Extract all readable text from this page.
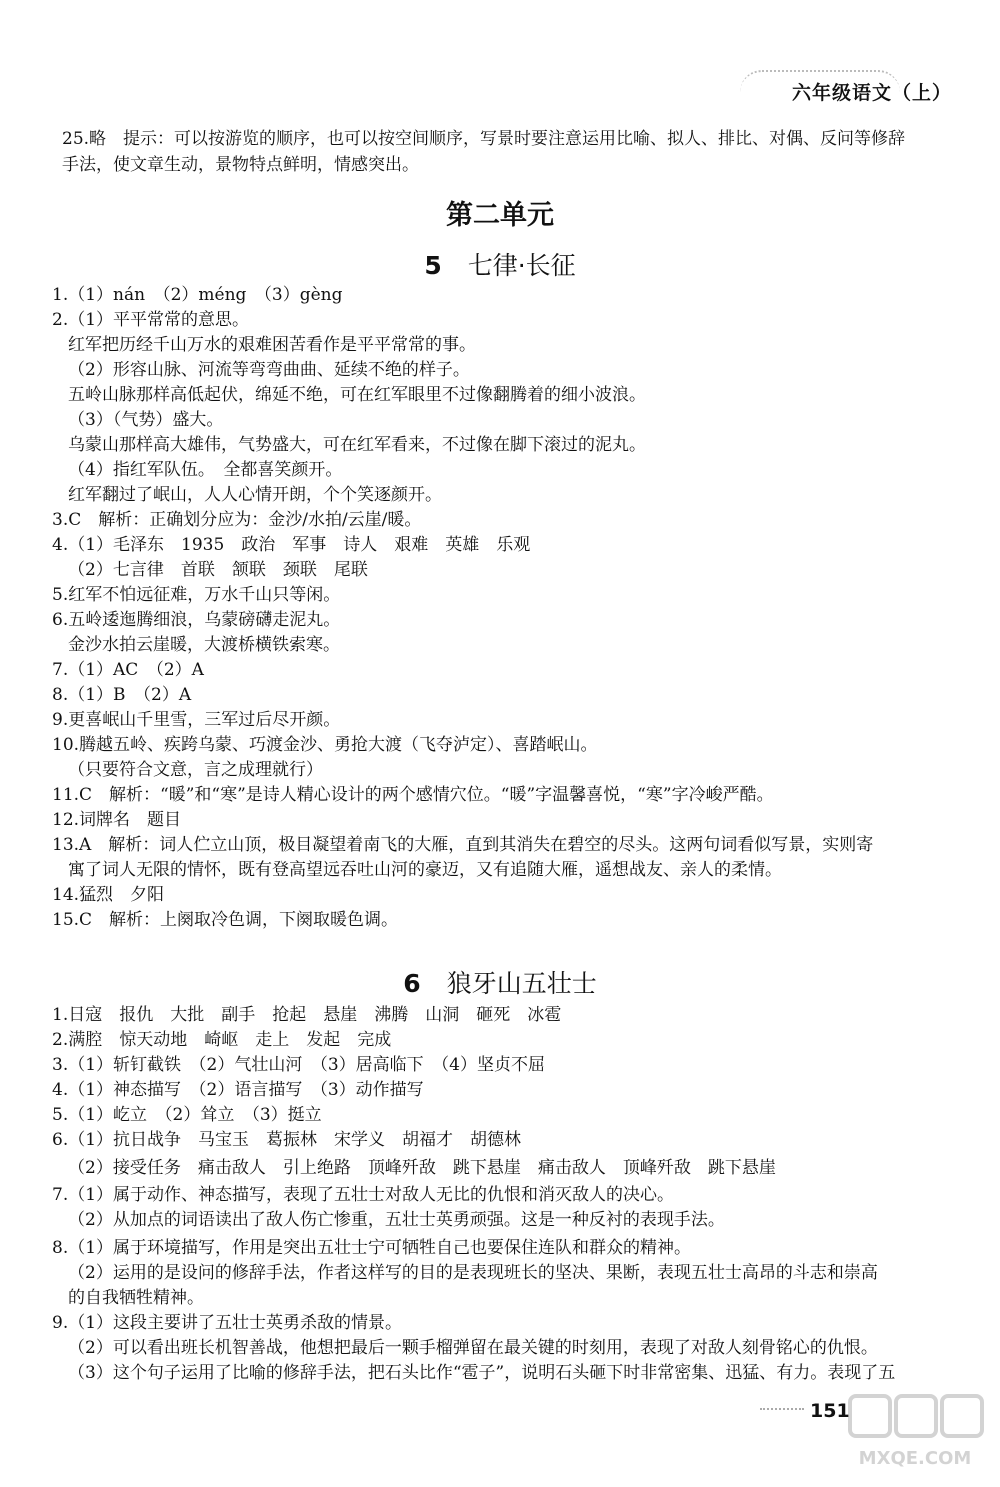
六年级语文（上）
25.略　提示：可以按游览的顺序，也可以按空间顺序，写景时要注意运用比喻、拟人、排比、对偶、反问等修辞
手法，使文章生动，景物特点鲜明，情感突出。
第二单元
5 七律·长征
1.（1）nán　（2）méng　（3）gèng
2.（1）平平常常的意思。
红军把历经千山万水的艰难困苦看作是平平常常的事。
（2）形容山脉、河流等弯弯曲曲、延续不绝的样子。
五岭山脉那样高低起伏，绵延不绝，可在红军眼里不过像翻腾着的细小波浪。
（3）（气势）盛大。
乌蒙山那样高大雄伟，气势盛大，可在红军看来，不过像在脚下滚过的泥丸。
（4）指红军队伍。　全都喜笑颜开。
红军翻过了岷山，人人心情开朗，个个笑逐颜开。
3.C　解析：正确划分应为：金沙/水拍/云崖/暖。
4.（1）毛泽东　1935　政治　军事　诗人　艰难　英雄　乐观
（2）七言律　首联　颔联　颈联　尾联
5.红军不怕远征难，万水千山只等闲。
6.五岭逶迤腾细浪，乌蒙磅礴走泥丸。
金沙水拍云崖暖，大渡桥横铁索寒。
7.（1）AC　（2）A
8.（1）B　（2）A
9.更喜岷山千里雪，三军过后尽开颜。
10.腾越五岭、疾跨乌蒙、巧渡金沙、勇抢大渡（飞夺泸定）、喜踏岷山。
（只要符合文意，言之成理就行）
11.C　解析：“暖”和“寒”是诗人精心设计的两个感情穴位。“暖”字温馨喜悦，“寒”字冷峻严酷。
12.词牌名　题目
13.A　解析：词人伫立山顶，极目凝望着南飞的大雁，直到其消失在碧空的尽头。这两句词看似写景，实则寄
寓了词人无限的情怀，既有登高望远吞吐山河的豪迈，又有追随大雁，遥想战友、亲人的柔情。
14.猛烈　夕阳
15.C　解析：上阕取冷色调，下阕取暖色调。
6 狼牙山五壮士
1.日寇　报仇　大批　副手　抢起　悬崖　沸腾　山洞　砸死　冰雹
2.满腔　惊天动地　崎岖　走上　发起　完成
3.（1）斩钉截铁　（2）气壮山河　（3）居高临下　（4）坚贞不屈
4.（1）神态描写　（2）语言描写　（3）动作描写
5.（1）屹立　（2）耸立　（3）挺立
6.（1）抗日战争　马宝玉　葛振林　宋学义　胡福才　胡德林
（2）接受任务　痛击敌人　引上绝路　顶峰歼敌　跳下悬崖　痛击敌人　顶峰歼敌　跳下悬崖
7.（1）属于动作、神态描写，表现了五壮士对敌人无比的仇恨和消灭敌人的决心。
（2）从加点的词语读出了敌人伤亡惨重，五壮士英勇顽强。这是一种反衬的表现手法。
8.（1）属于环境描写，作用是突出五壮士宁可牺牲自己也要保住连队和群众的精神。
（2）运用的是设问的修辞手法，作者这样写的目的是表现班长的坚决、果断，表现五壮士高昂的斗志和崇高
的自我牺牲精神。
9.（1）这段主要讲了五壮士英勇杀敌的情景。
（2）可以看出班长机智善战，他想把最后一颗手榴弹留在最关键的时刻用，表现了对敌人刻骨铭心的仇恨。
（3）这个句子运用了比喻的修辞手法，把石头比作“雹子”，说明石头砸下时非常密集、迅猛、有力。表现了五
151
MXQE.COM
